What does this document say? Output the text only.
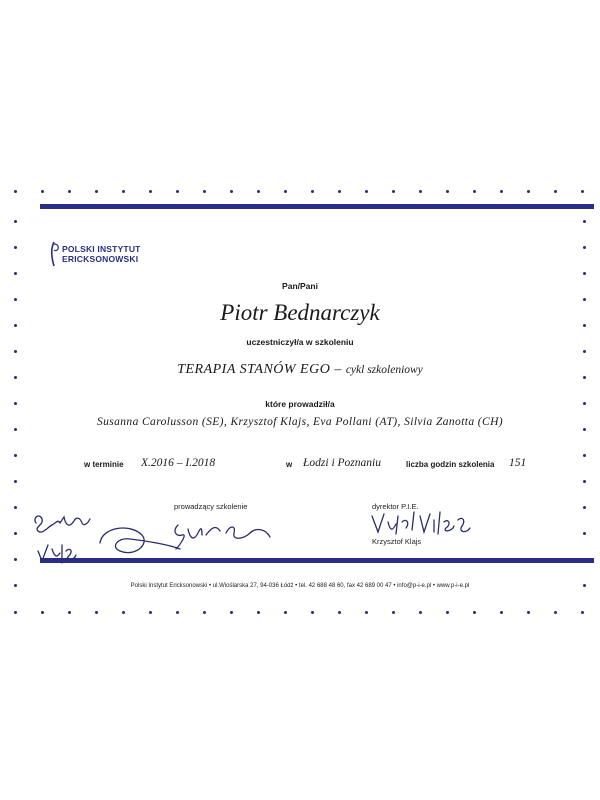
POLSKI INSTYTUT
ERICKSONOWSKI
Pan/Pani
Piotr Bednarczyk
uczestniczył/a w szkoleniu
TERAPIA STANÓW EGO – cykl szkoleniowy
które prowadził/a
Susanna Carolusson (SE), Krzysztof Klajs, Eva Pollani (AT), Silvia Zanotta (CH)
w terminie X.2016 – I.2018	w Łodzi i Poznaniu	liczba godzin szkolenia 151
prowadzący szkolenie	dyrektor P.I.E.
Krzysztof Klajs
Polski Instytut Ericksonowski • ul.Wioślarska 27, 94-036 Łódź • tel. 42 688 48 60, fax 42 689 00 47 • info@p-i-e.pl • www.p-i-e.pl
